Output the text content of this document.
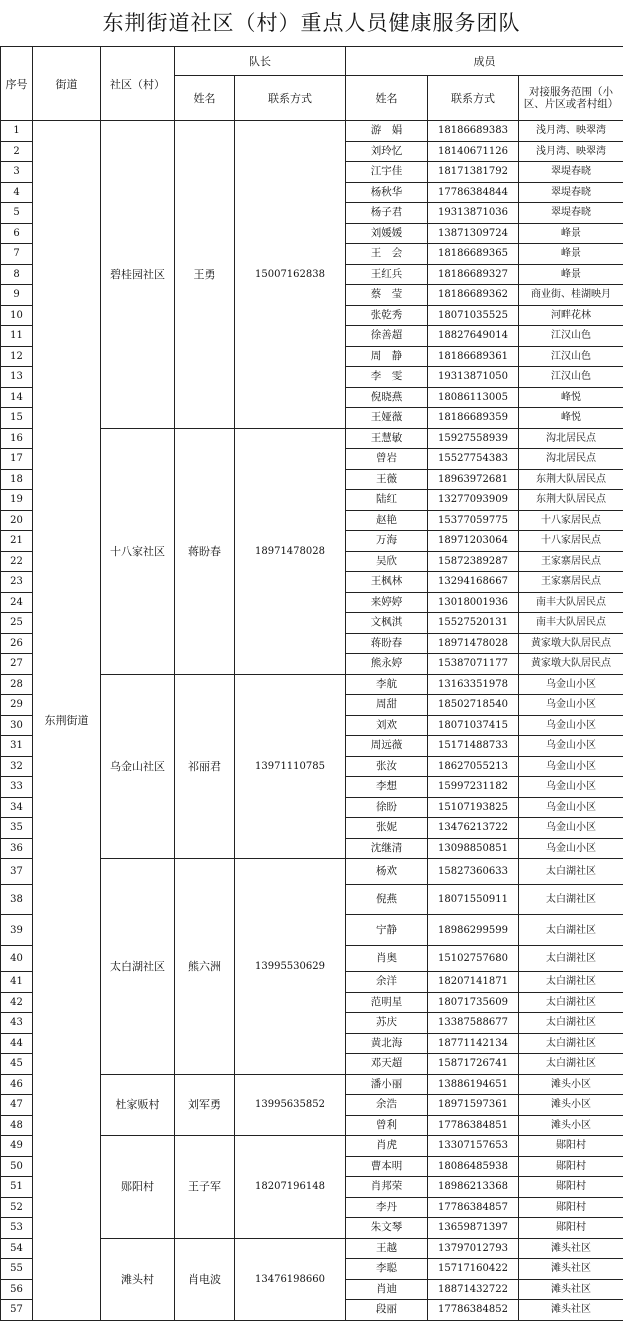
东荆街道社区（村）重点人员健康服务团队
序号	街道	社区（村）	队长		成员		
			姓名	联系方式	姓名	联系方式	对接服务范围（小区、片区或者村组）
1	东荆街道	碧桂园社区	王勇	15007162838	游　娟	18186689383	浅月湾、映翠湾
2					刘玲忆	18140671126	浅月湾、映翠湾
3					江宇佳	18171381792	翠堤春晓
4					杨秋华	17786384844	翠堤春晓
5					杨子君	19313871036	翠堤春晓
6					刘媛媛	13871309724	峰景
7					王　会	18186689365	峰景
8					王红兵	18186689327	峰景
9					蔡　莹	18186689362	商业街、桂湖映月
10					张乾秀	18071035525	河畔花林
11					徐善超	18827649014	江汉山色
12					周　静	18186689361	江汉山色
13					李　雯	19313871050	江汉山色
14					倪晓燕	18086113005	峰悦
15					王娅薇	18186689359	峰悦
16		十八家社区	蒋盼春	18971478028	王慧敏	15927558939	沟北居民点
17					曾岩	15527754383	沟北居民点
18					王薇	18963972681	东荆大队居民点
19					陆红	13277093909	东荆大队居民点
20					赵艳	15377059775	十八家居民点
21					万海	18971203064	十八家居民点
22					吴欣	15872389287	王家寨居民点
23					王枫林	13294168667	王家寨居民点
24					来婷婷	13018001936	南丰大队居民点
25					文枫淇	15527520131	南丰大队居民点
26					蒋盼春	18971478028	黄家墩大队居民点
27					熊永婷	15387071177	黄家墩大队居民点
28		乌金山社区	祁丽君	13971110785	李航	13163351978	乌金山小区
29					周甜	18502718540	乌金山小区
30					刘欢	18071037415	乌金山小区
31					周远薇	15171488733	乌金山小区
32					张汝	18627055213	乌金山小区
33					李想	15997231182	乌金山小区
34					徐盼	15107193825	乌金山小区
35					张妮	13476213722	乌金山小区
36					沈继清	13098850851	乌金山小区
37		太白湖社区	熊六洲	13995530629	杨欢	15827360633	太白湖社区
38					倪燕	18071550911	太白湖社区
39					宁静	18986299599	太白湖社区
40					肖奥	15102757680	太白湖社区
41					余洋	18207141871	太白湖社区
42					范明星	18071735609	太白湖社区
43					苏庆	13387588677	太白湖社区
44					黄北海	18771142134	太白湖社区
45					邓天超	15871726741	太白湖社区
46		杜家贩村	刘军勇	13995635852	潘小丽	13886194651	滩头小区
47					余浩	18971597361	滩头小区
48					曾利	17786384851	滩头小区
49		郧阳村	王子军	18207196148	肖虎	13307157653	郧阳村
50					曹本明	18086485938	郧阳村
51					肖邦荣	18986213368	郧阳村
52					李丹	17786384857	郧阳村
53					朱文琴	13659871397	郧阳村
54		滩头村	肖电波	13476198660	王越	13797012793	滩头社区
55					李聪	15717160422	滩头社区
56					肖迪	18871432722	滩头社区
57					段丽	17786384852	滩头社区
